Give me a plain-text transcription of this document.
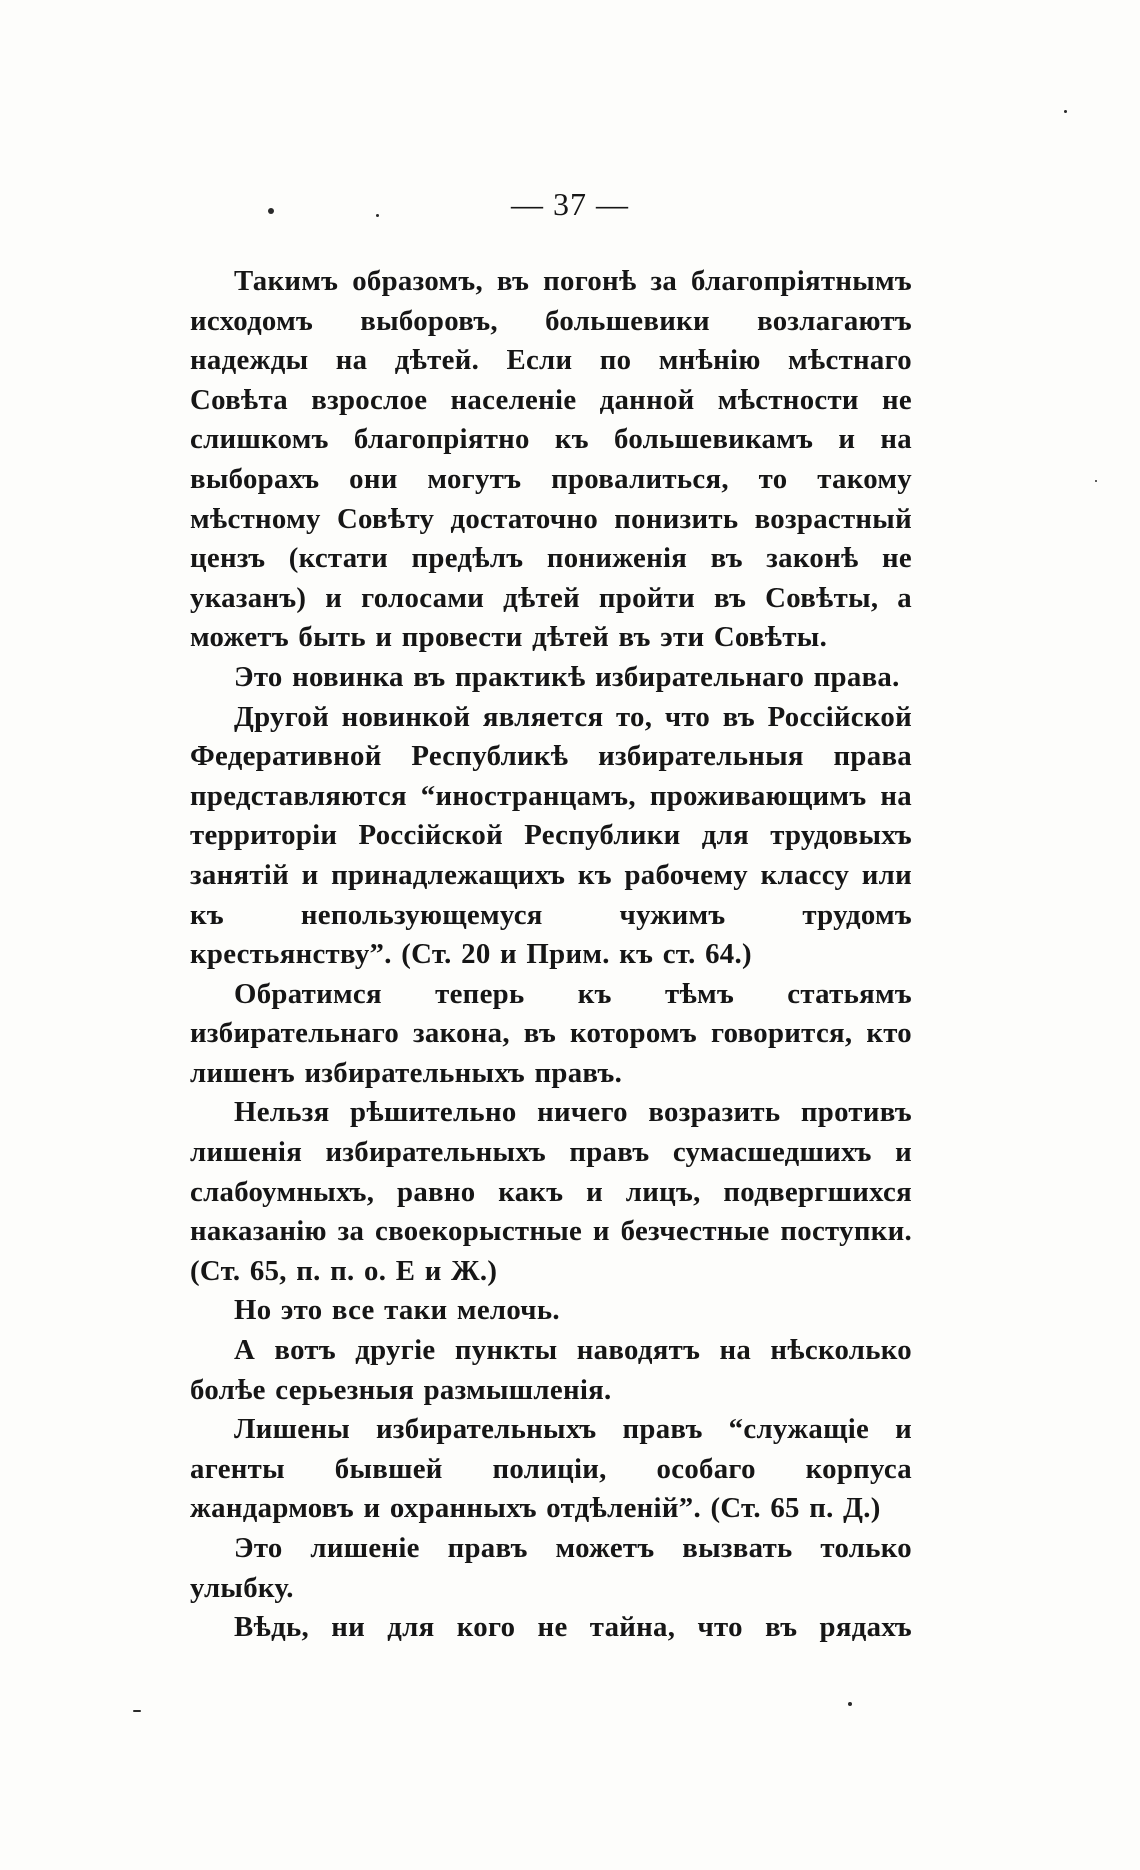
— 37 —

Такимъ образомъ, въ погонѣ за благопріятнымъ исходомъ выборовъ, большевики возлагаютъ надежды на дѣтей. Если по мнѣнію мѣстнаго Совѣта взрослое населеніе данной мѣстности не слишкомъ благопріятно къ большевикамъ и на выборахъ они могутъ провалиться, то такому мѣстному Совѣту достаточно понизить возрастный цензъ (кстати предѣлъ пониженія въ законѣ не указанъ) и голосами дѣтей пройти въ Совѣты, а можетъ быть и провести дѣтей въ эти Совѣты.

Это новинка въ практикѣ избирательнаго права.

Другой новинкой является то, что въ Россійской Федеративной Республикѣ избирательныя права представляются “иностранцамъ, проживающимъ на территоріи Россійской Республики для трудовыхъ занятій и принадлежащихъ къ рабочему классу или къ непользующемуся чужимъ трудомъ крестьянству”. (Ст. 20 и Прим. къ ст. 64.)

Обратимся теперь къ тѣмъ статьямъ избирательнаго закона, въ которомъ говорится, кто лишенъ избирательныхъ правъ.

Нельзя рѣшительно ничего возразить противъ лишенія избирательныхъ правъ сумасшедшихъ и слабоумныхъ, равно какъ и лицъ, подвергшихся наказанію за своекорыстные и безчестные поступки. (Ст. 65, п. п. о. Е и Ж.)

Но это все таки мелочь.

А вотъ другіе пункты наводятъ на нѣсколько болѣе серьезныя размышленія.

Лишены избирательныхъ правъ “служащіе и агенты бывшей полиціи, особаго корпуса жандармовъ и охранныхъ отдѣленій”. (Ст. 65 п. Д.)

Это лишеніе правъ можетъ вызвать только улыбку.

Вѣдь, ни для кого не тайна, что въ рядахъ
